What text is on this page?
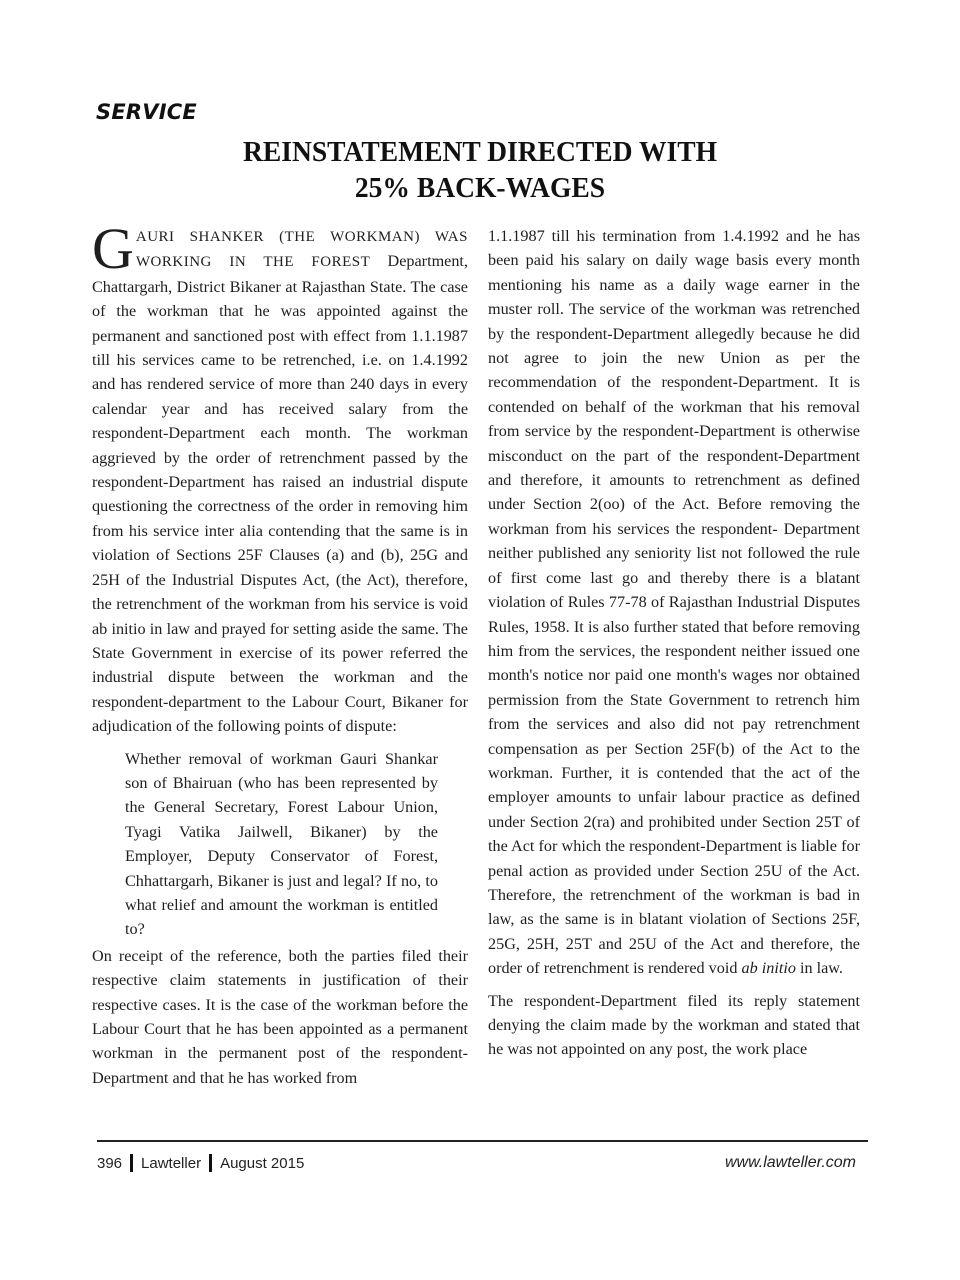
SERVICE
REINSTATEMENT DIRECTED WITH
25% BACK-WAGES

GAURI SHANKER (THE WORKMAN) WAS WORKING IN THE FOREST Department, Chattargarh, District Bikaner at Rajasthan State. The case of the workman that he was appointed against the permanent and sanctioned post with effect from 1.1.1987 till his services came to be retrenched, i.e. on 1.4.1992 and has rendered service of more than 240 days in every calendar year and has received salary from the respondent-Department each month. The workman aggrieved by the order of retrenchment passed by the respondent-Department has raised an industrial dispute questioning the correctness of the order in removing him from his service inter alia contending that the same is in violation of Sections 25F Clauses (a) and (b), 25G and 25H of the Industrial Disputes Act, (the Act), therefore, the retrenchment of the workman from his service is void ab initio in law and prayed for setting aside the same. The State Government in exercise of its power referred the industrial dispute between the workman and the respondent-department to the Labour Court, Bikaner for adjudication of the following points of dispute:

Whether removal of workman Gauri Shankar son of Bhairuan (who has been represented by the General Secretary, Forest Labour Union, Tyagi Vatika Jailwell, Bikaner) by the Employer, Deputy Conservator of Forest, Chhattargarh, Bikaner is just and legal? If no, to what relief and amount the workman is entitled to?

On receipt of the reference, both the parties filed their respective claim statements in justification of their respective cases. It is the case of the workman before the Labour Court that he has been appointed as a permanent workman in the permanent post of the respondent-Department and that he has worked from

1.1.1987 till his termination from 1.4.1992 and he has been paid his salary on daily wage basis every month mentioning his name as a daily wage earner in the muster roll. The service of the workman was retrenched by the respondent-Department allegedly because he did not agree to join the new Union as per the recommendation of the respondent-Department. It is contended on behalf of the workman that his removal from service by the respondent-Department is otherwise misconduct on the part of the respondent-Department and therefore, it amounts to retrenchment as defined under Section 2(oo) of the Act. Before removing the workman from his services the respondent- Department neither published any seniority list not followed the rule of first come last go and thereby there is a blatant violation of Rules 77-78 of Rajasthan Industrial Disputes Rules, 1958. It is also further stated that before removing him from the services, the respondent neither issued one month's notice nor paid one month's wages nor obtained permission from the State Government to retrench him from the services and also did not pay retrenchment compensation as per Section 25F(b) of the Act to the workman. Further, it is contended that the act of the employer amounts to unfair labour practice as defined under Section 2(ra) and prohibited under Section 25T of the Act for which the respondent-Department is liable for penal action as provided under Section 25U of the Act. Therefore, the retrenchment of the workman is bad in law, as the same is in blatant violation of Sections 25F, 25G, 25H, 25T and 25U of the Act and therefore, the order of retrenchment is rendered void ab initio in law.

The respondent-Department filed its reply statement denying the claim made by the workman and stated that he was not appointed on any post, the work place

396 Lawteller August 2015	www.lawteller.com
